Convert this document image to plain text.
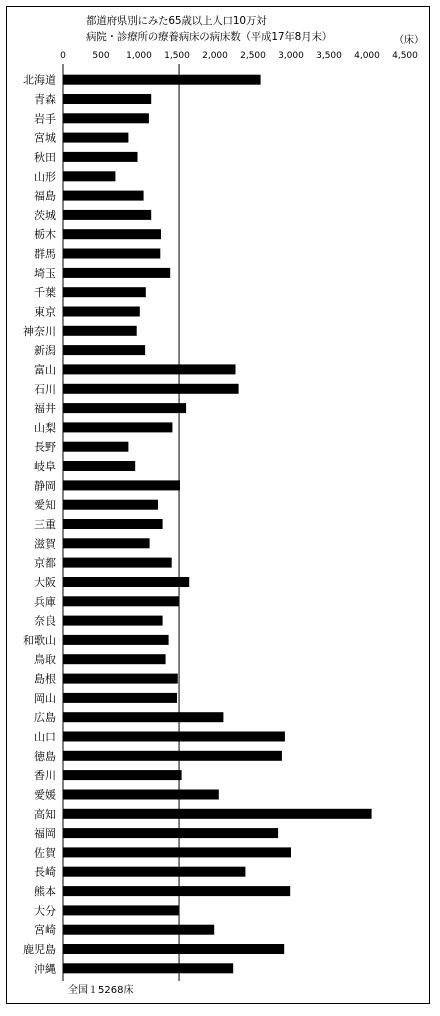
都道府県別にみた65歳以上人口10万対
病院・診療所の療養病床の病床数（平成17年8月末）	（床）
0	500 1,000 1,500 2,000 2,500 3,000 3,500 4,000 4,500
北海道
青森
岩手
宮城
秋田
山形
福島
茨城
栃木
群馬
埼玉
千葉
東京
神奈川
新潟
富山
石川
福井
山梨
長野
岐阜
静岡
愛知
三重
滋賀
京都
大阪
兵庫
奈良
和歌山
鳥取
島根
岡山
広島
山口
徳島
香川
愛媛
高知
福岡
佐賀
長崎
熊本
大分
宮崎
鹿児島
沖縄
全国１5268床
